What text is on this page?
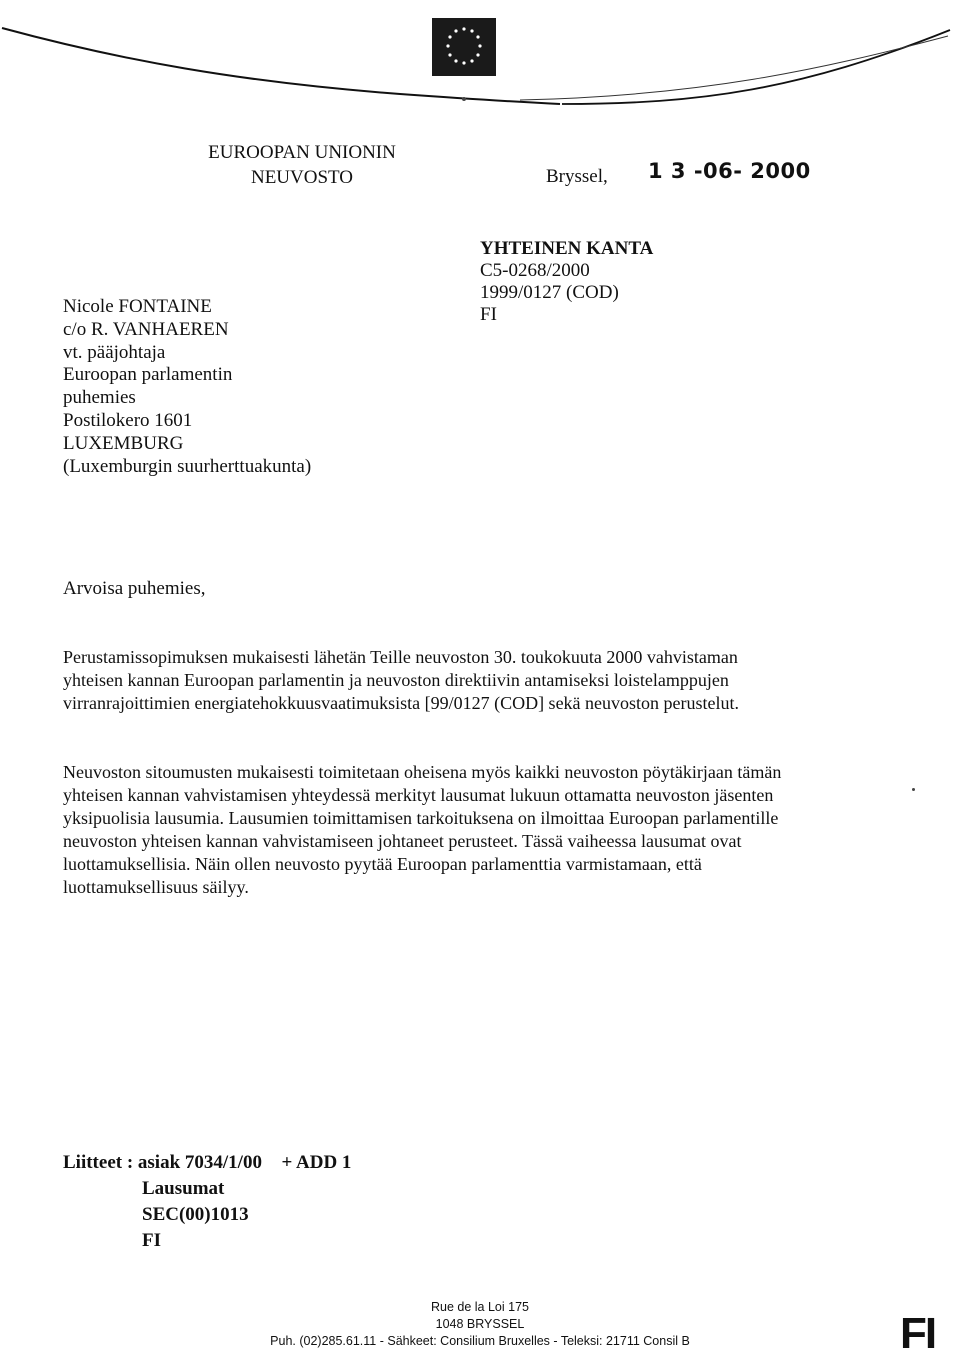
EUROOPAN UNIONIN
NEUVOSTO	Bryssel, 1 3 -06- 2000
YHTEINEN KANTA
C5-0268/2000
1999/0127 (COD)
FI
Nicole FONTAINE
c/o R. VANHAEREN
vt. pääjohtaja
Euroopan parlamentin
puhemies
Postilokero 1601
LUXEMBURG
(Luxemburgin suurherttuakunta)
Arvoisa puhemies,
Perustamissopimuksen mukaisesti lähetän Teille neuvoston 30. toukokuuta 2000 vahvistaman
yhteisen kannan Euroopan parlamentin ja neuvoston direktiivin antamiseksi loistelamppujen
virranrajoittimien energiatehokkuusvaatimuksista [99/0127 (COD] sekä neuvoston perustelut.
Neuvoston sitoumusten mukaisesti toimitetaan oheisena myös kaikki neuvoston pöytäkirjaan tämän
yhteisen kannan vahvistamisen yhteydessä merkityt lausumat lukuun ottamatta neuvoston jäsenten
yksipuolisia lausumia. Lausumien toimittamisen tarkoituksena on ilmoittaa Euroopan parlamentille
neuvoston yhteisen kannan vahvistamiseen johtaneet perusteet. Tässä vaiheessa lausumat ovat
luottamuksellisia. Näin ollen neuvosto pyytää Euroopan parlamenttia varmistamaan, että
luottamuksellisuus säilyy.
Liitteet : asiak 7034/1/00 + ADD 1
Lausumat
SEC(00)1013
FI
Rue de la Loi 175
1048 BRYSSEL
Puh. (02)285.61.11 - Sähkeet: Consilium Bruxelles - Teleksi: 21711 Consil B	FI
